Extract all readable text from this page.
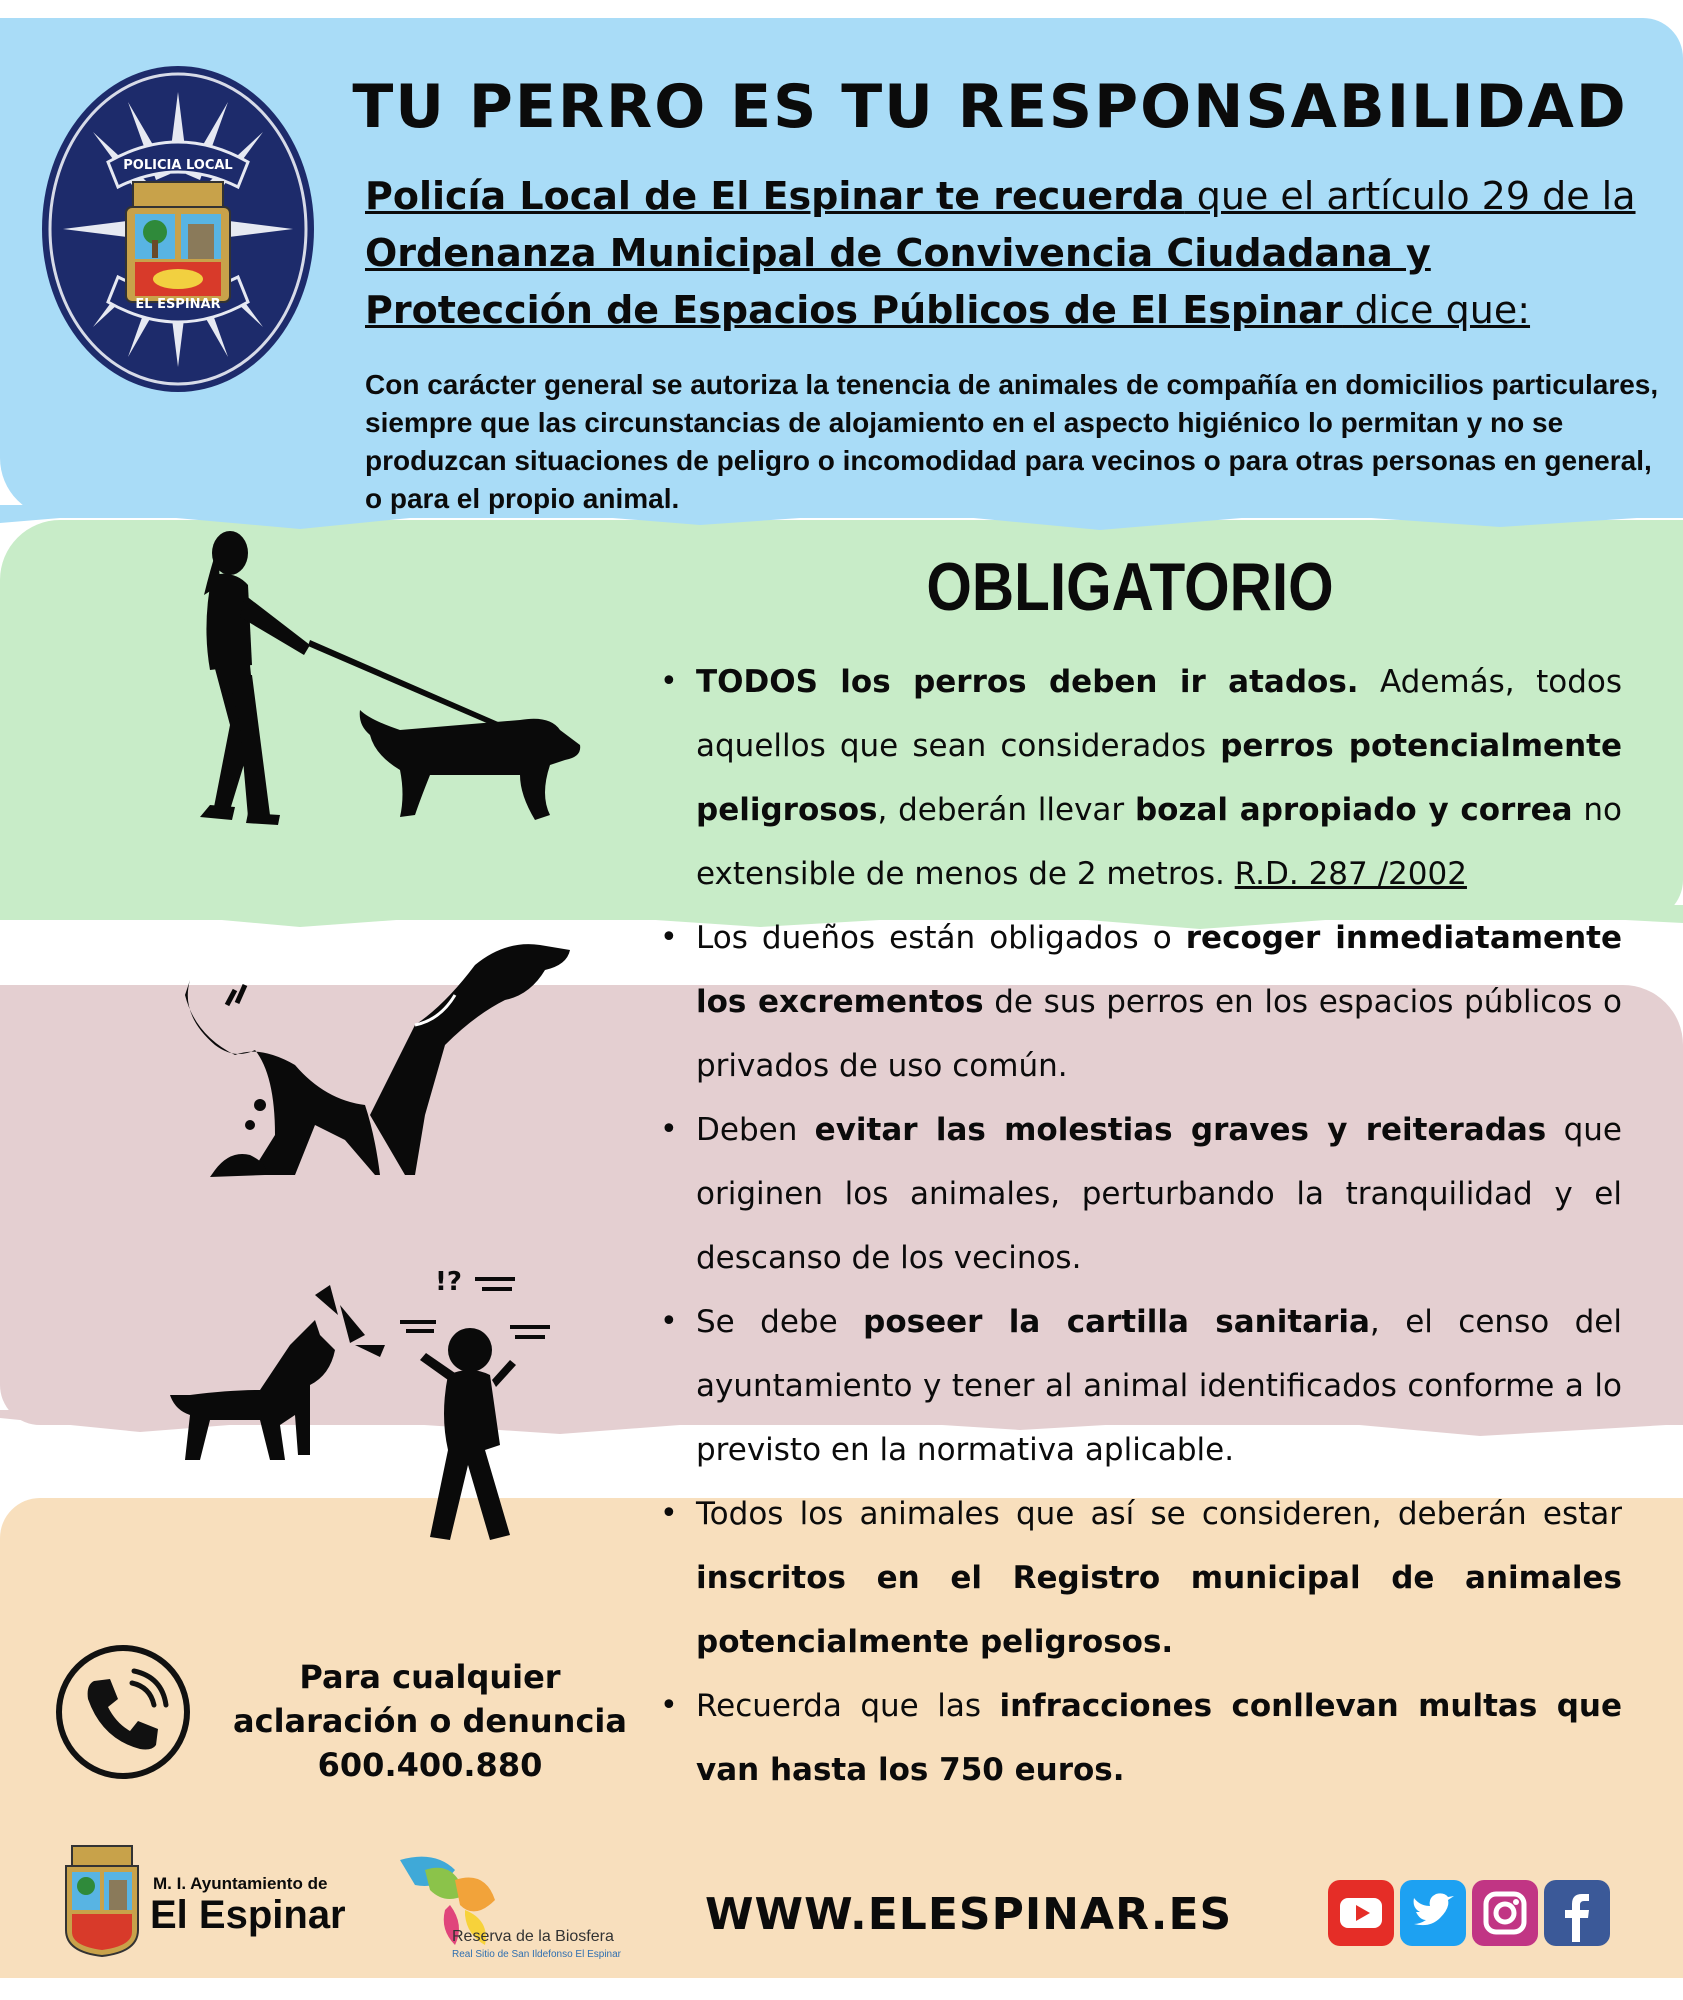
POLICIA LOCAL
EL ESPINAR
TU PERRO ES TU RESPONSABILIDAD
Policía Local de El Espinar te recuerda que el artículo 29 de la Ordenanza Municipal de Convivencia Ciudadana y Protección de Espacios Públicos de El Espinar dice que:
Con carácter general se autoriza la tenencia de animales de compañía en domicilios particulares, siempre que las circunstancias de alojamiento en el aspecto higiénico lo permitan y no se produzcan situaciones de peligro o incomodidad para vecinos o para otras personas en general, o para el propio animal.
OBLIGATORIO
• TODOS los perros deben ir atados. Además, todos aquellos que sean considerados perros potencialmente peligrosos, deberán llevar bozal apropiado y correa no extensible de menos de 2 metros. R.D. 287 /2002
• Los dueños están obligados o recoger inmediatamente los excrementos de sus perros en los espacios públicos o privados de uso común.
• Deben evitar las molestias graves y reiteradas que originen los animales, perturbando la tranquilidad y el descanso de los vecinos.
• Se debe poseer la cartilla sanitaria, el censo del ayuntamiento y tener al animal identificados conforme a lo previsto en la normativa aplicable.
• Todos los animales que así se consideren, deberán estar inscritos en el Registro municipal de animales potencialmente peligrosos.
• Recuerda que las infracciones conllevan multas que van hasta los 750 euros.
!?
Para cualquier
aclaración o denuncia
600.400.880
M. I. Ayuntamiento de
El Espinar	Reserva de la Biosfera
Real Sitio de San Ildefonso El Espinar
WWW.ELESPINAR.ES
